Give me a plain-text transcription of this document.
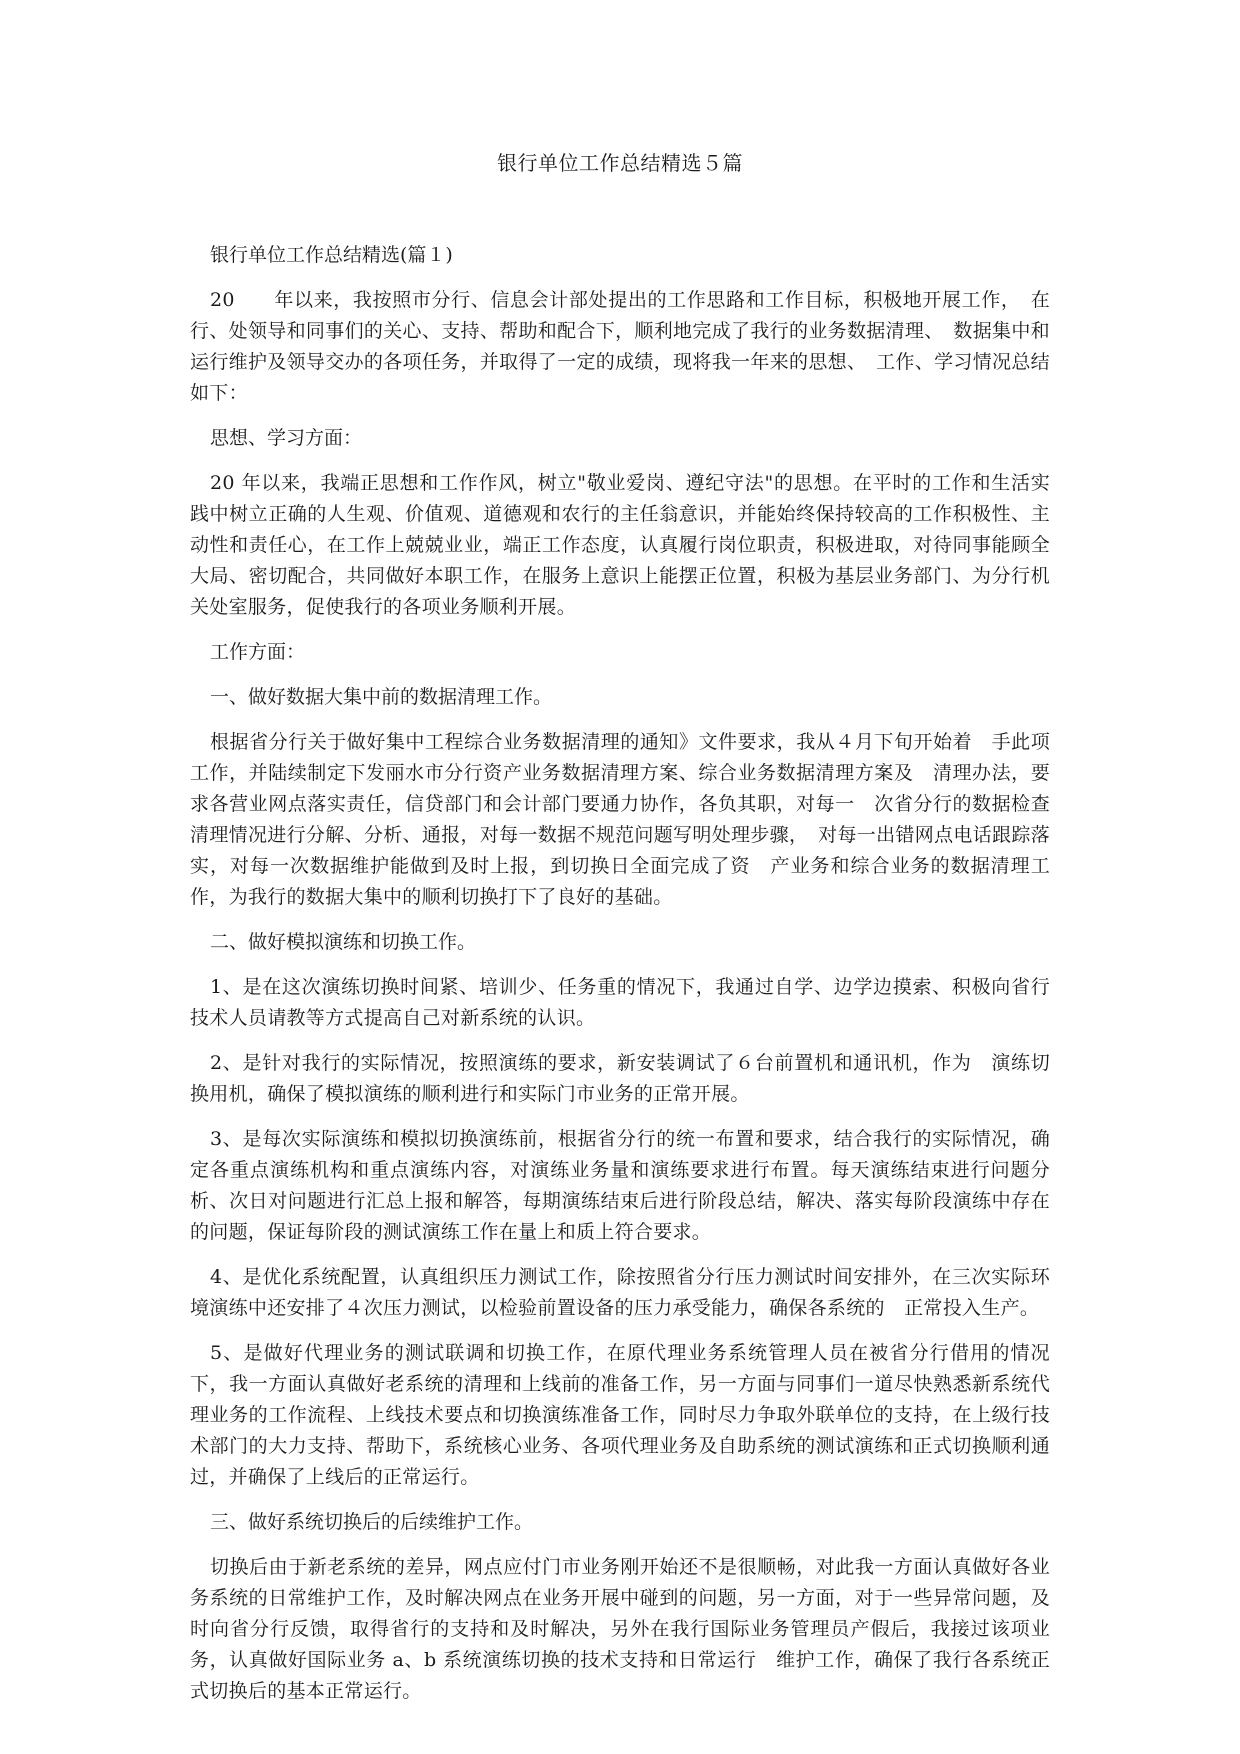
银行单位工作总结精选５篇

银行单位工作总结精选(篇１)

20　　年以来，我按照市分行、信息会计部处提出的工作思路和工作目标，积极地开展工作，　在行、处领导和同事们的关心、支持、帮助和配合下，顺利地完成了我行的业务数据清理、　数据集中和运行维护及领导交办的各项任务，并取得了一定的成绩，现将我一年来的思想、　工作、学习情况总结如下：

思想、学习方面：

20 年以来，我端正思想和工作作风，树立"敬业爱岗、遵纪守法"的思想。在平时的工作和生活实践中树立正确的人生观、价值观、道德观和农行的主任翁意识，并能始终保持较高的工作积极性、主动性和责任心，在工作上兢兢业业，端正工作态度，认真履行岗位职责，积极进取，对待同事能顾全大局、密切配合，共同做好本职工作，在服务上意识上能摆正位置，积极为基层业务部门、为分行机关处室服务，促使我行的各项业务顺利开展。

工作方面：

一、做好数据大集中前的数据清理工作。

根据省分行关于做好集中工程综合业务数据清理的通知》文件要求，我从４月下旬开始着　手此项工作，并陆续制定下发丽水市分行资产业务数据清理方案、综合业务数据清理方案及　清理办法，要求各营业网点落实责任，信贷部门和会计部门要通力协作，各负其职，对每一　次省分行的数据检查清理情况进行分解、分析、通报，对每一数据不规范问题写明处理步骤，　对每一出错网点电话跟踪落实，对每一次数据维护能做到及时上报，到切换日全面完成了资　产业务和综合业务的数据清理工作，为我行的数据大集中的顺利切换打下了良好的基础。

二、做好模拟演练和切换工作。

1、是在这次演练切换时间紧、培训少、任务重的情况下，我通过自学、边学边摸索、积极向省行技术人员请教等方式提高自己对新系统的认识。

2、是针对我行的实际情况，按照演练的要求，新安装调试了６台前置机和通讯机，作为　演练切换用机，确保了模拟演练的顺利进行和实际门市业务的正常开展。

3、是每次实际演练和模拟切换演练前，根据省分行的统一布置和要求，结合我行的实际情况，确定各重点演练机构和重点演练内容，对演练业务量和演练要求进行布置。每天演练结束进行问题分析、次日对问题进行汇总上报和解答，每期演练结束后进行阶段总结，解决、落实每阶段演练中存在的问题，保证每阶段的测试演练工作在量上和质上符合要求。

4、是优化系统配置，认真组织压力测试工作，除按照省分行压力测试时间安排外，在三次实际环境演练中还安排了４次压力测试，以检验前置设备的压力承受能力，确保各系统的　正常投入生产。

5、是做好代理业务的测试联调和切换工作，在原代理业务系统管理人员在被省分行借用的情况下，我一方面认真做好老系统的清理和上线前的准备工作，另一方面与同事们一道尽快熟悉新系统代理业务的工作流程、上线技术要点和切换演练准备工作，同时尽力争取外联单位的支持，在上级行技术部门的大力支持、帮助下，系统核心业务、各项代理业务及自助系统的测试演练和正式切换顺利通过，并确保了上线后的正常运行。

三、做好系统切换后的后续维护工作。

切换后由于新老系统的差异，网点应付门市业务刚开始还不是很顺畅，对此我一方面认真做好各业务系统的日常维护工作，及时解决网点在业务开展中碰到的问题，另一方面，对于一些异常问题，及时向省分行反馈，取得省行的支持和及时解决，另外在我行国际业务管理员产假后，我接过该项业务，认真做好国际业务 a、b 系统演练切换的技术支持和日常运行　维护工作，确保了我行各系统正式切换后的基本正常运行。
